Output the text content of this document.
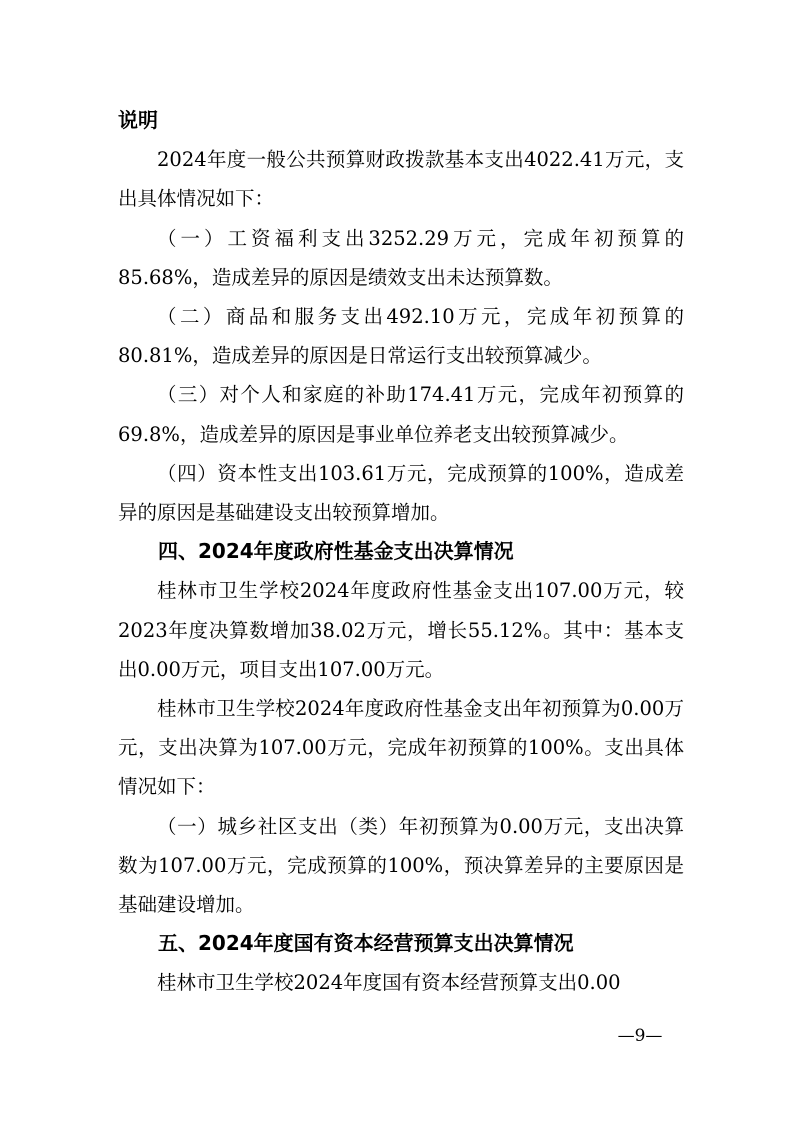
说明

2024年度一般公共预算财政拨款基本支出4022.41万元，支出具体情况如下：

（一）工资福利支出3252.29万元，完成年初预算的85.68%，造成差异的原因是绩效支出未达预算数。

（二）商品和服务支出492.10万元，完成年初预算的80.81%，造成差异的原因是日常运行支出较预算减少。

（三）对个人和家庭的补助174.41万元，完成年初预算的69.8%，造成差异的原因是事业单位养老支出较预算减少。

（四）资本性支出103.61万元，完成预算的100%，造成差异的原因是基础建设支出较预算增加。

四、2024年度政府性基金支出决算情况

桂林市卫生学校2024年度政府性基金支出107.00万元，较2023年度决算数增加38.02万元，增长55.12%。其中：基本支出0.00万元，项目支出107.00万元。

桂林市卫生学校2024年度政府性基金支出年初预算为0.00万元，支出决算为107.00万元，完成年初预算的100%。支出具体情况如下：

（一）城乡社区支出（类）年初预算为0.00万元，支出决算数为107.00万元，完成预算的100%，预决算差异的主要原因是基础建设增加。

五、2024年度国有资本经营预算支出决算情况

桂林市卫生学校2024年度国有资本经营预算支出0.00

—9—
